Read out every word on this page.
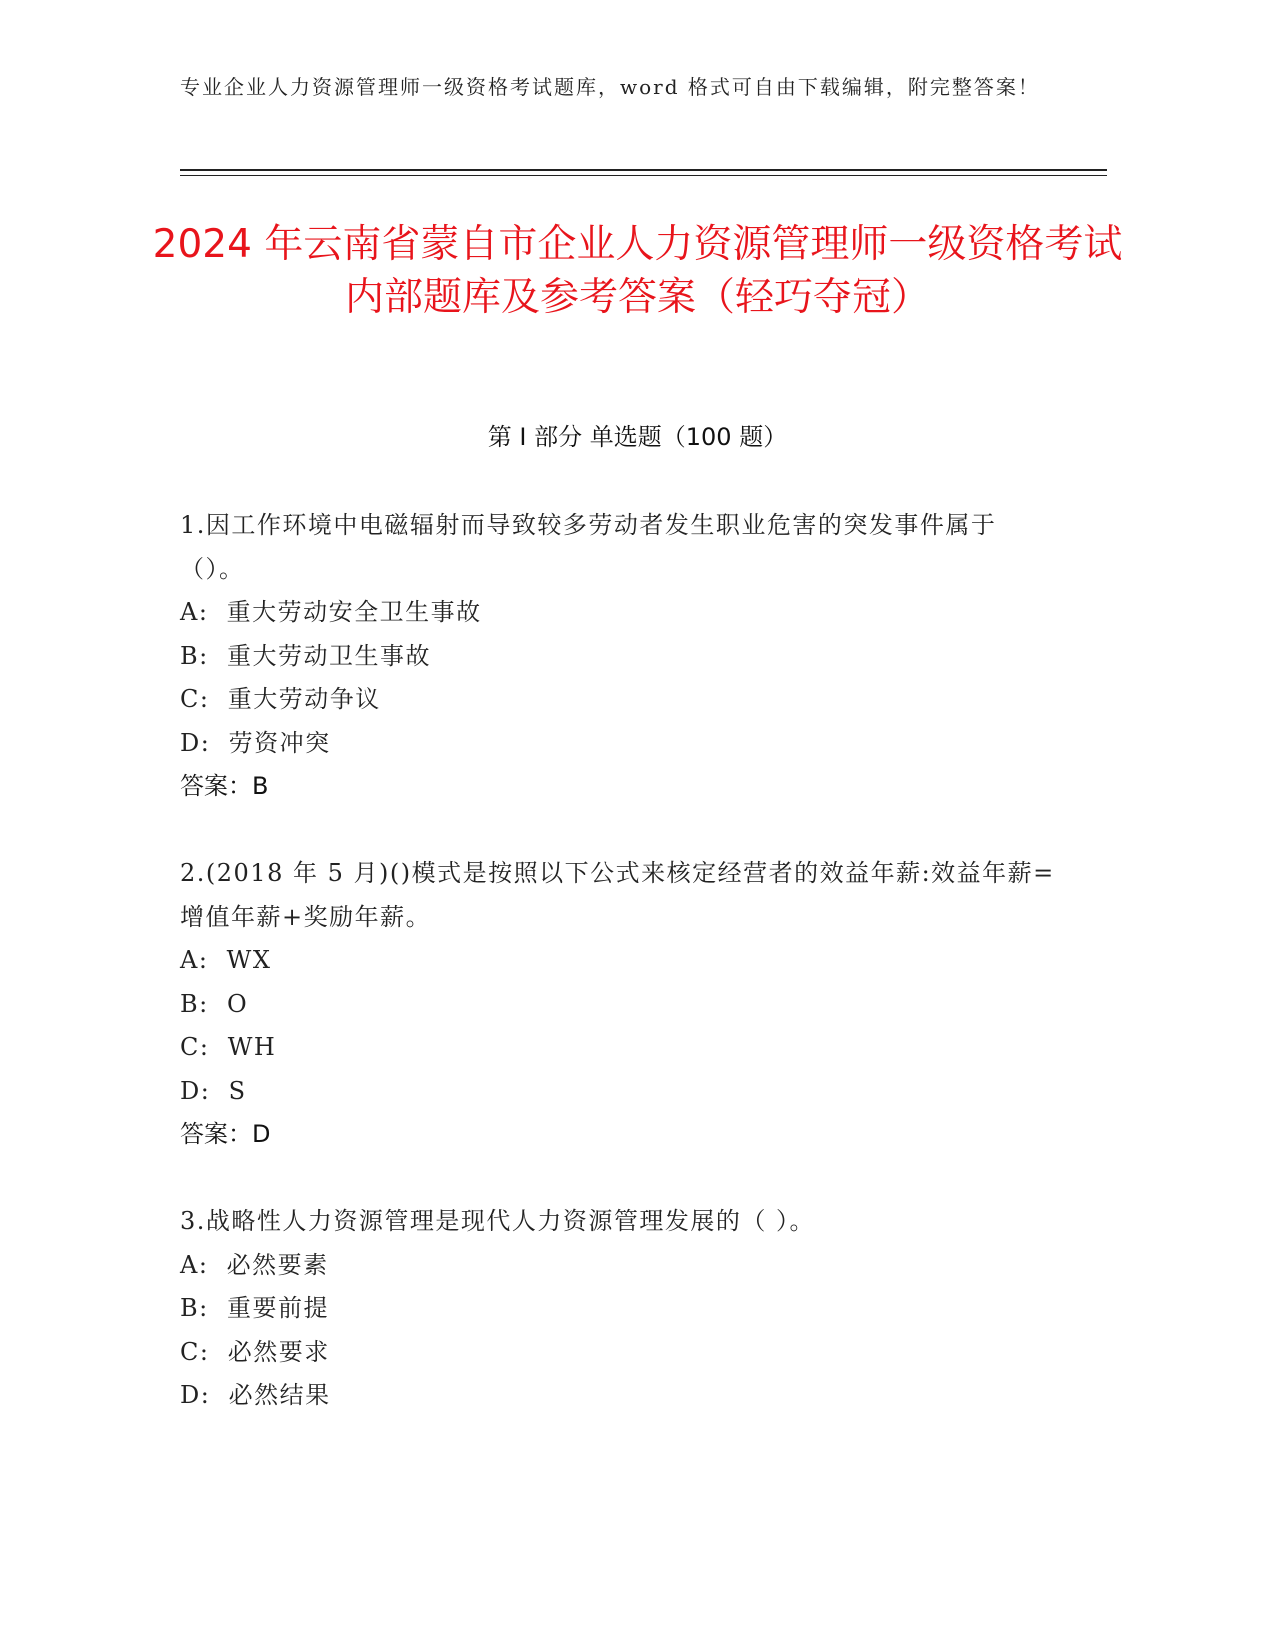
专业企业人力资源管理师一级资格考试题库，word 格式可自由下载编辑，附完整答案！
2024 年云南省蒙自市企业人力资源管理师一级资格考试内部题库及参考答案（轻巧夺冠）
第 I 部分 单选题（100 题）

1.因工作环境中电磁辐射而导致较多劳动者发生职业危害的突发事件属于（）。

A:  重大劳动安全卫生事故

B:  重大劳动卫生事故

C:  重大劳动争议

D:  劳资冲突

答案：B

2.(2018 年 5 月)()模式是按照以下公式来核定经营者的效益年薪:效益年薪=增值年薪+奖励年薪。

A:  WX

B:  O

C:  WH

D:  S

答案：D

3.战略性人力资源管理是现代人力资源管理发展的（ ）。

A:  必然要素

B:  重要前提

C:  必然要求

D:  必然结果
